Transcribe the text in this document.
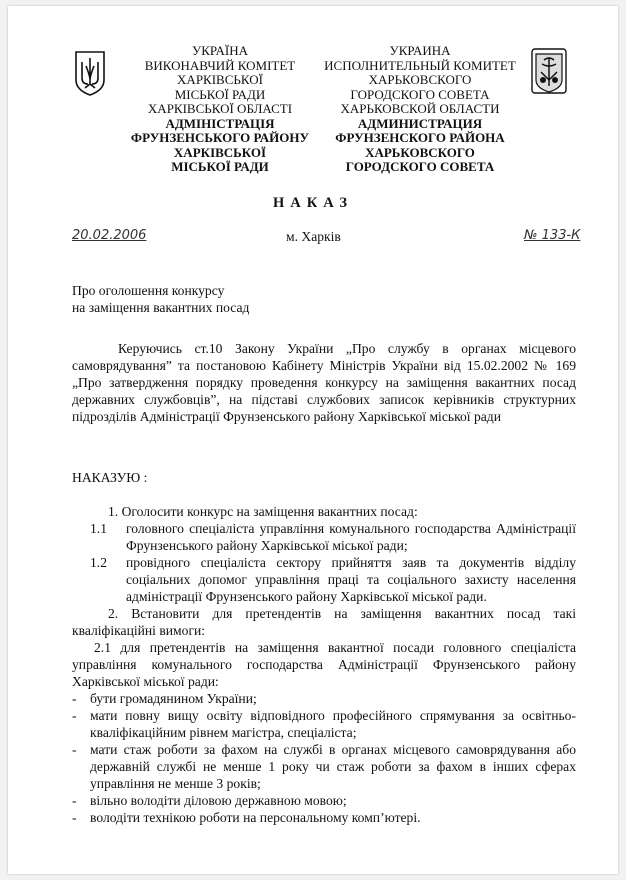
УКРАЇНА
ВИКОНАВЧИЙ КОМІТЕТ
ХАРКІВСЬКОЇ
МІСЬКОЇ РАДИ
ХАРКІВСЬКОЇ ОБЛАСТІ
АДМІНІСТРАЦІЯ
ФРУНЗЕНСЬКОГО РАЙОНУ
ХАРКІВСЬКОЇ
МІСЬКОЇ РАДИ
УКРАИНА
ИСПОЛНИТЕЛЬНЫЙ КОМИТЕТ
ХАРЬКОВСКОГО
ГОРОДСКОГО СОВЕТА
ХАРЬКОВСКОЙ ОБЛАСТИ
АДМИНИСТРАЦИЯ
ФРУНЗЕНСКОГО РАЙОНА
ХАРЬКОВСКОГО
ГОРОДСКОГО СОВЕТА
НАКАЗ
20.02.2006	м. Харків	№ 133-К
Про оголошення конкурсу
на заміщення вакантних посад
Керуючись ст.10 Закону України „Про службу в органах місцевого самоврядування” та постановою Кабінету Міністрів України від 15.02.2002 № 169 „Про затвердження порядку проведення конкурсу на заміщення вакантних посад державних службовців”, на підставі службових записок керівників структурних підрозділів Адміністрації Фрунзенського району Харківської міської ради
НАКАЗУЮ :
1. Оголосити конкурс на заміщення вакантних посад:
1.1	головного спеціаліста управління комунального господарства Адміністрації Фрунзенського району Харківської міської ради;
1.2	провідного спеціаліста сектору прийняття заяв та документів відділу соціальних допомог управління праці та соціального захисту населення адміністрації Фрунзенського району Харківської міської ради.
2. Встановити для претендентів на заміщення вакантних посад такі кваліфікаційні вимоги:
2.1 для претендентів на заміщення вакантної посади головного спеціаліста управління комунального господарства Адміністрації Фрунзенського району Харківської міської ради:
- бути громадянином України;
- мати повну вищу освіту відповідного професійного спрямування за освітньо-кваліфікаційним рівнем магістра, спеціаліста;
- мати стаж роботи за фахом на службі в органах місцевого самоврядування або державній службі не менше 1 року чи стаж роботи за фахом в інших сферах управління не менше 3 років;
- вільно володіти діловою державною мовою;
- володіти технікою роботи на персональному комп’ютері.
